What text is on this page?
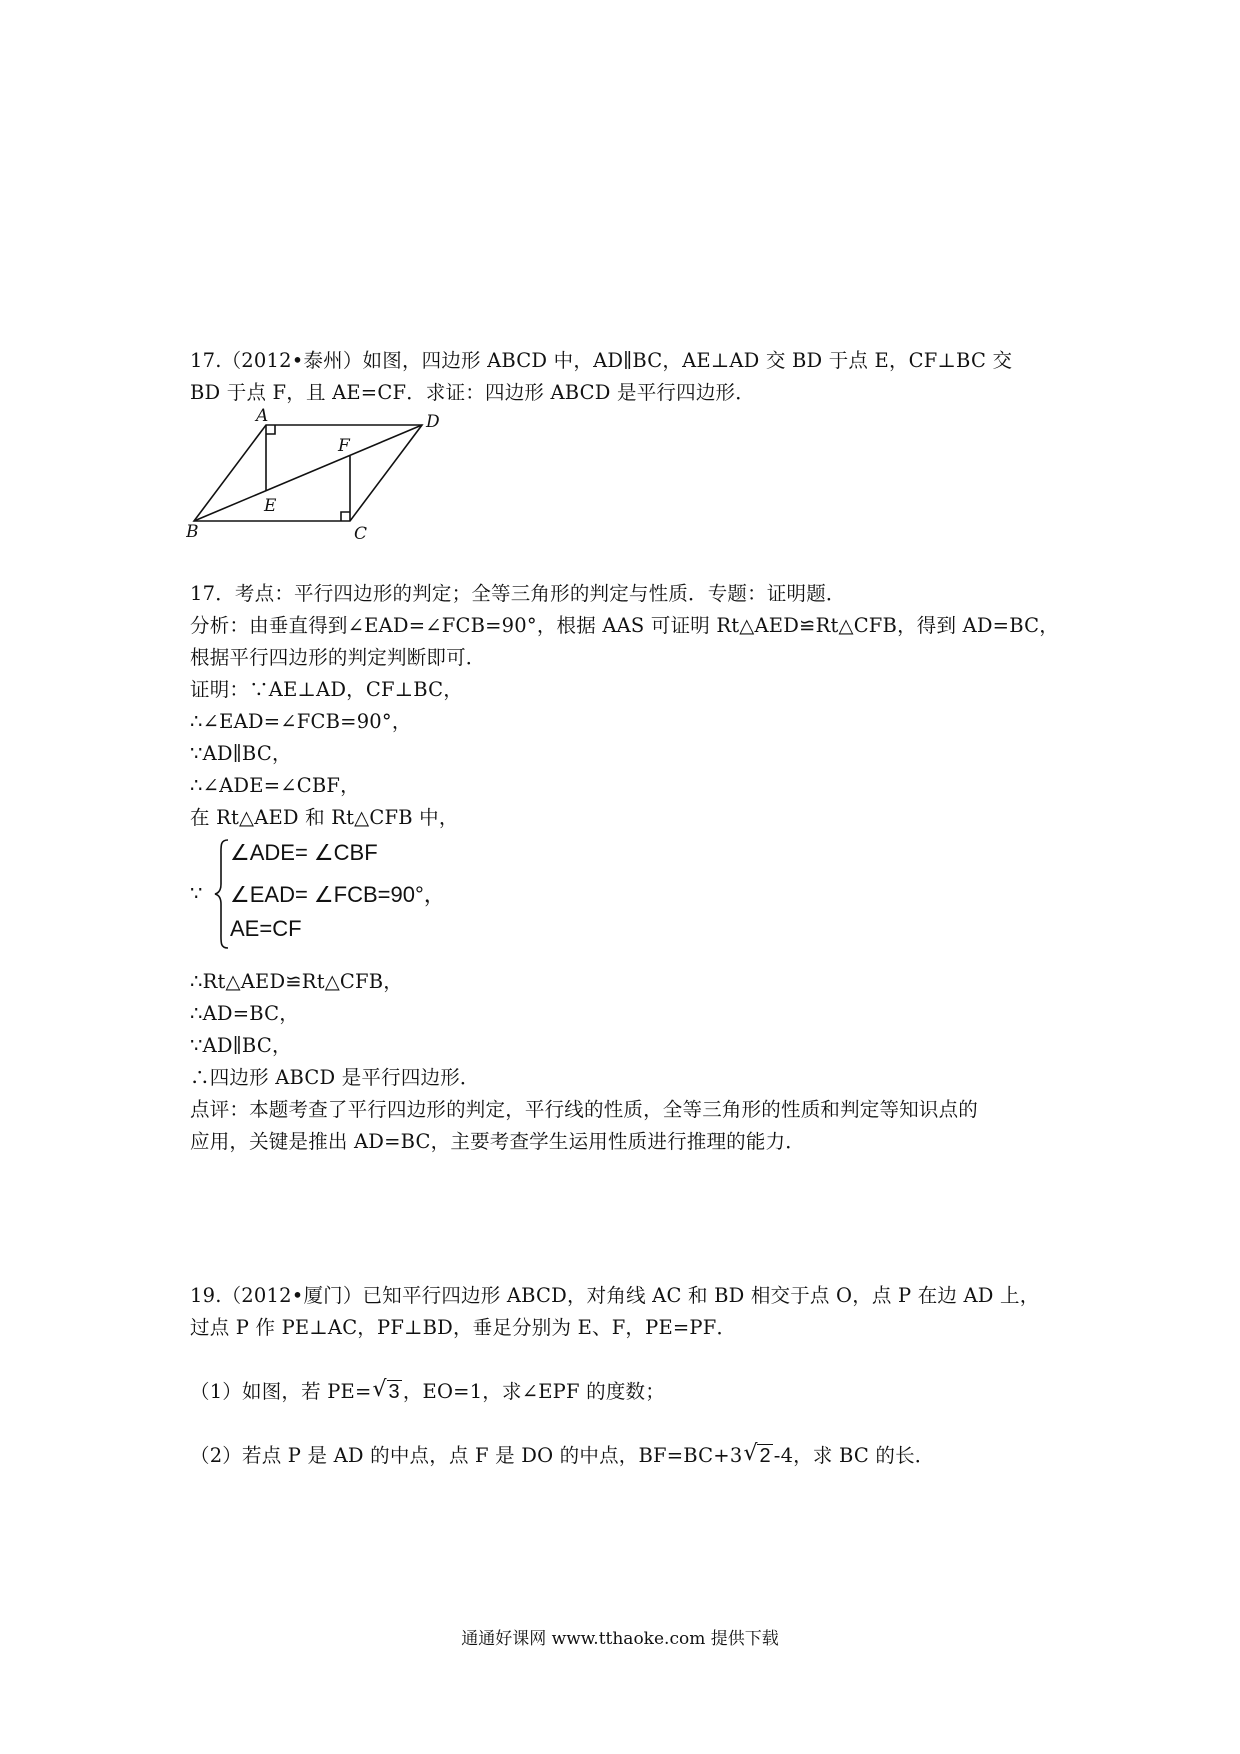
17.（2012•泰州）如图，四边形 ABCD 中，AD∥BC，AE⊥AD 交 BD 于点 E，CF⊥BC 交
BD 于点 F，且 AE=CF．求证：四边形 ABCD 是平行四边形．
A	D
F
E
B	C
17．考点：平行四边形的判定；全等三角形的判定与性质．专题：证明题．
分析：由垂直得到∠EAD=∠FCB=90°，根据 AAS 可证明 Rt△AED≌Rt△CFB，得到 AD=BC，
根据平行四边形的判定判断即可．
证明：∵AE⊥AD，CF⊥BC，
∴∠EAD=∠FCB=90°，
∵AD∥BC，
∴∠ADE=∠CBF，
在 Rt△AED 和 Rt△CFB 中，
∵
∠ADE= ∠CBF
∠EAD= ∠FCB=90°，
AE=CF
∴Rt△AED≌Rt△CFB，
∴AD=BC，
∵AD∥BC，
∴四边形 ABCD 是平行四边形．
点评：本题考查了平行四边形的判定，平行线的性质，全等三角形的性质和判定等知识点的
应用，关键是推出 AD=BC，主要考查学生运用性质进行推理的能力．
19.（2012•厦门）已知平行四边形 ABCD，对角线 AC 和 BD 相交于点 O，点 P 在边 AD 上，
过点 P 作 PE⊥AC，PF⊥BD，垂足分别为 E、F，PE=PF．
（1）如图，若 PE= √ 3 ，EO=1，求∠EPF 的度数；
（2）若点 P 是 AD 的中点，点 F 是 DO 的中点，BF=BC+3 √ 2 -4，求 BC 的长．
通通好课网 www.tthaoke.com 提供下载
